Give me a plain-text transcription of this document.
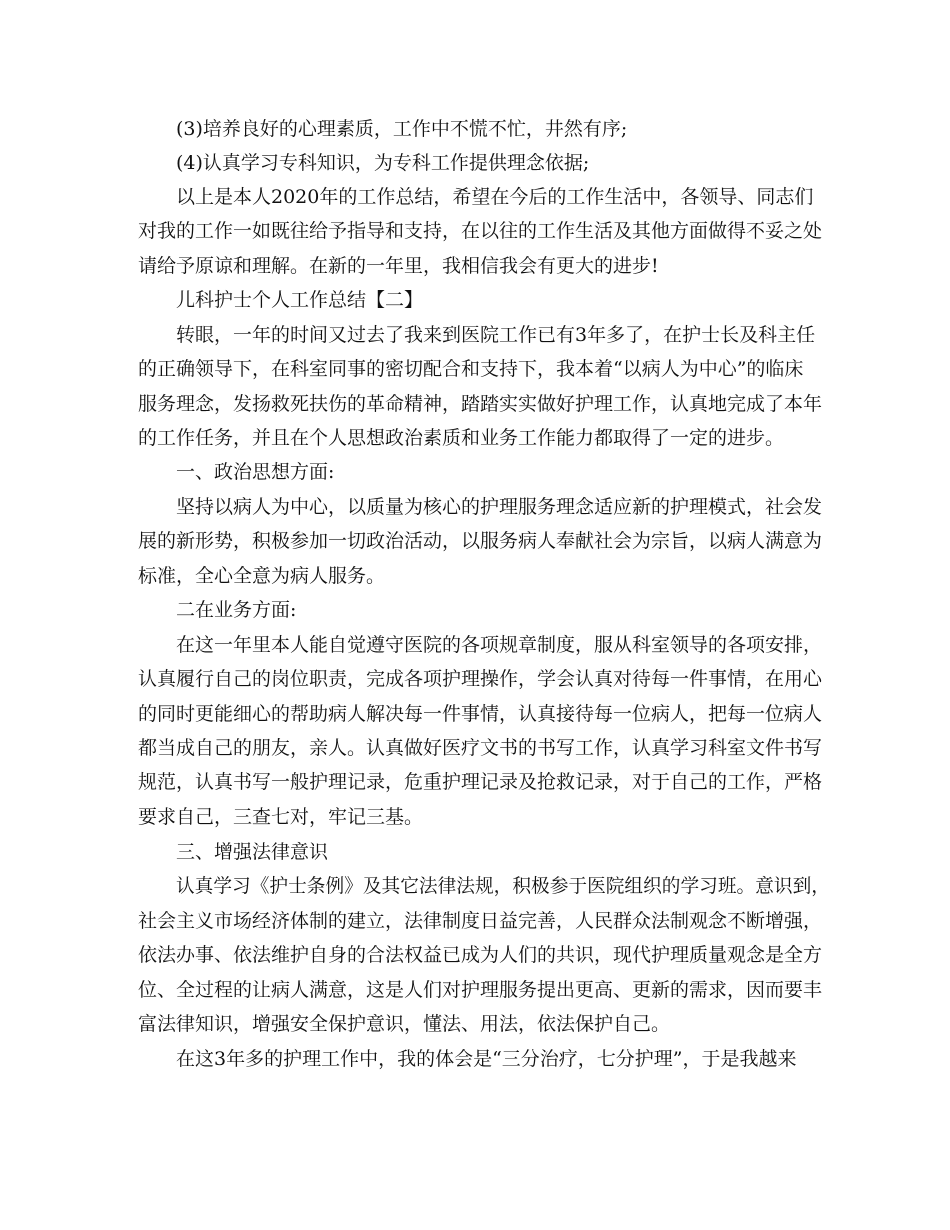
(3)培养良好的心理素质，工作中不慌不忙，井然有序;
(4)认真学习专科知识，为专科工作提供理念依据;
以上是本人2020年的工作总结，希望在今后的工作生活中，各领导、同志们
对我的工作一如既往给予指导和支持，在以往的工作生活及其他方面做得不妥之处
请给予原谅和理解。在新的一年里，我相信我会有更大的进步!
儿科护士个人工作总结【二】
转眼，一年的时间又过去了我来到医院工作已有3年多了，在护士长及科主任
的正确领导下，在科室同事的密切配合和支持下，我本着“以病人为中心”的临床
服务理念，发扬救死扶伤的革命精神，踏踏实实做好护理工作，认真地完成了本年
的工作任务，并且在个人思想政治素质和业务工作能力都取得了一定的进步。
一、政治思想方面:
坚持以病人为中心，以质量为核心的护理服务理念适应新的护理模式，社会发
展的新形势，积极参加一切政治活动，以服务病人奉献社会为宗旨，以病人满意为
标准，全心全意为病人服务。
二在业务方面:
在这一年里本人能自觉遵守医院的各项规章制度，服从科室领导的各项安排，
认真履行自己的岗位职责，完成各项护理操作，学会认真对待每一件事情，在用心
的同时更能细心的帮助病人解决每一件事情，认真接待每一位病人，把每一位病人
都当成自己的朋友，亲人。认真做好医疗文书的书写工作，认真学习科室文件书写
规范，认真书写一般护理记录，危重护理记录及抢救记录，对于自己的工作，严格
要求自己，三查七对，牢记三基。
三、增强法律意识
认真学习《护士条例》及其它法律法规，积极参于医院组织的学习班。意识到，
社会主义市场经济体制的建立，法律制度日益完善，人民群众法制观念不断增强，
依法办事、依法维护自身的合法权益已成为人们的共识，现代护理质量观念是全方
位、全过程的让病人满意，这是人们对护理服务提出更高、更新的需求，因而要丰
富法律知识，增强安全保护意识，懂法、用法，依法保护自己。
在这3年多的护理工作中，我的体会是“三分治疗，七分护理”，于是我越来
